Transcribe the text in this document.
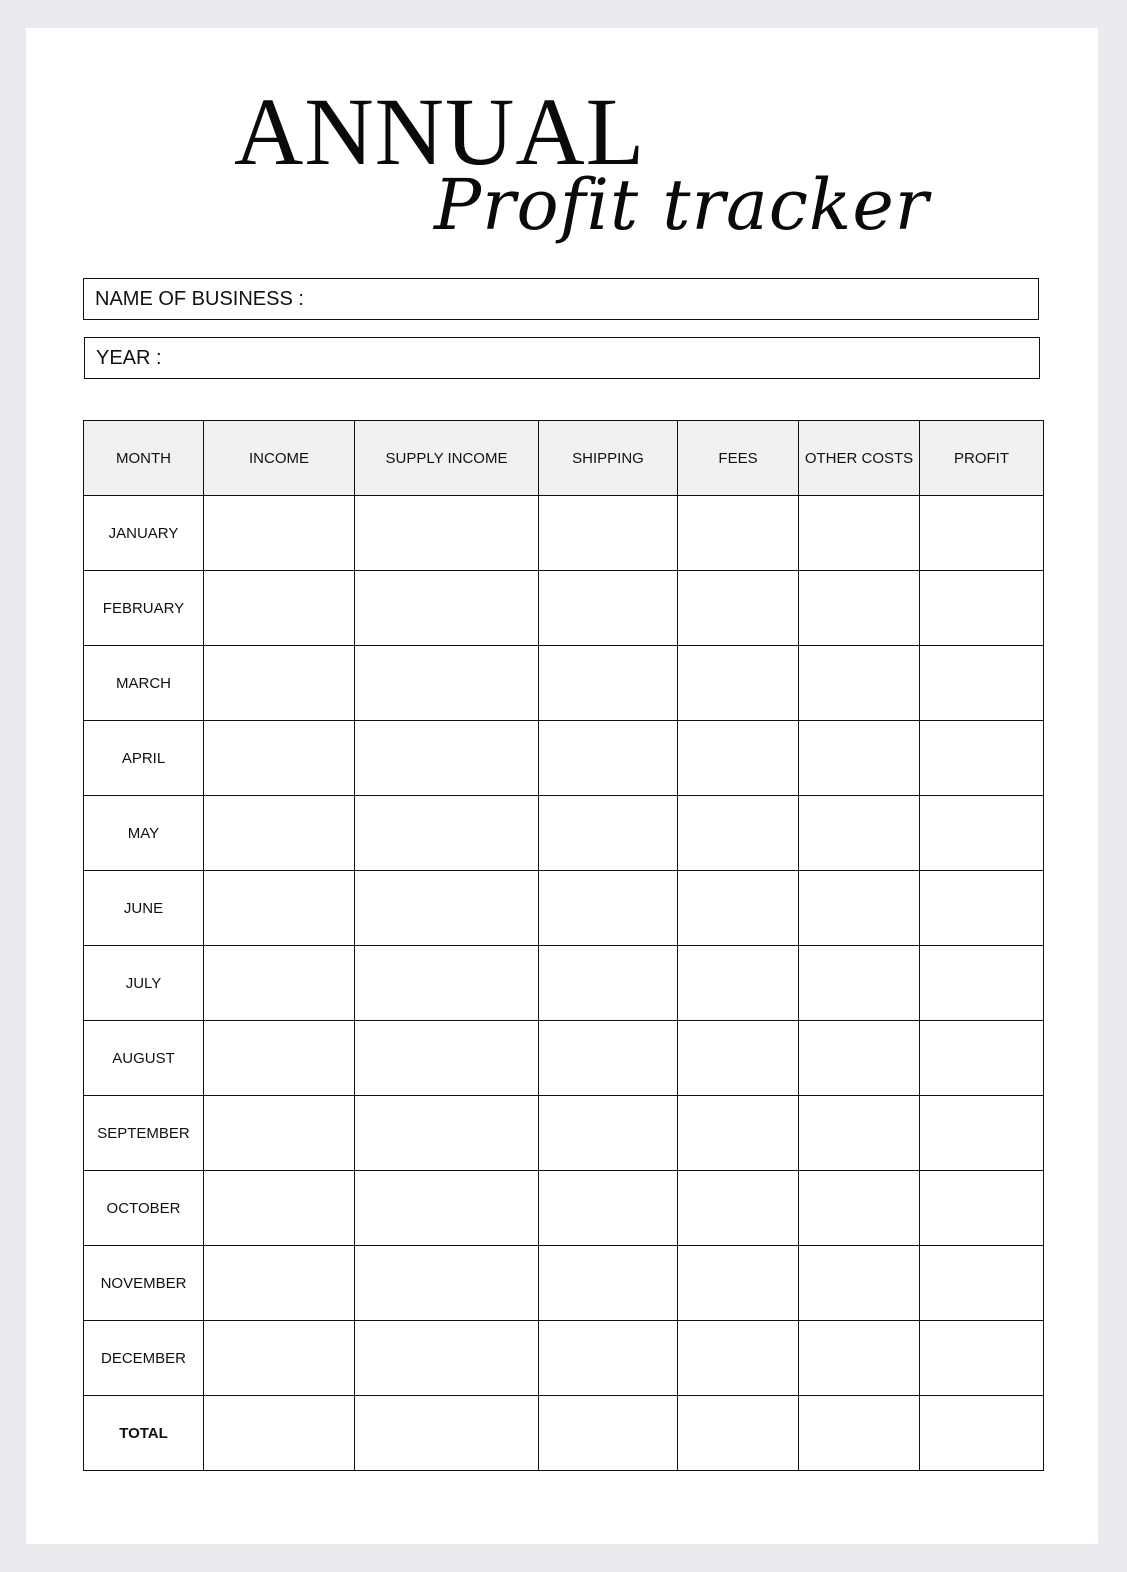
ANNUAL
Profit tracker
NAME OF BUSINESS :
YEAR :
MONTH	INCOME	SUPPLY INCOME	SHIPPING	FEES	OTHER COSTS	PROFIT
JANUARY						
FEBRUARY						
MARCH						
APRIL						
MAY						
JUNE						
JULY						
AUGUST						
SEPTEMBER						
OCTOBER						
NOVEMBER						
DECEMBER						
TOTAL						
